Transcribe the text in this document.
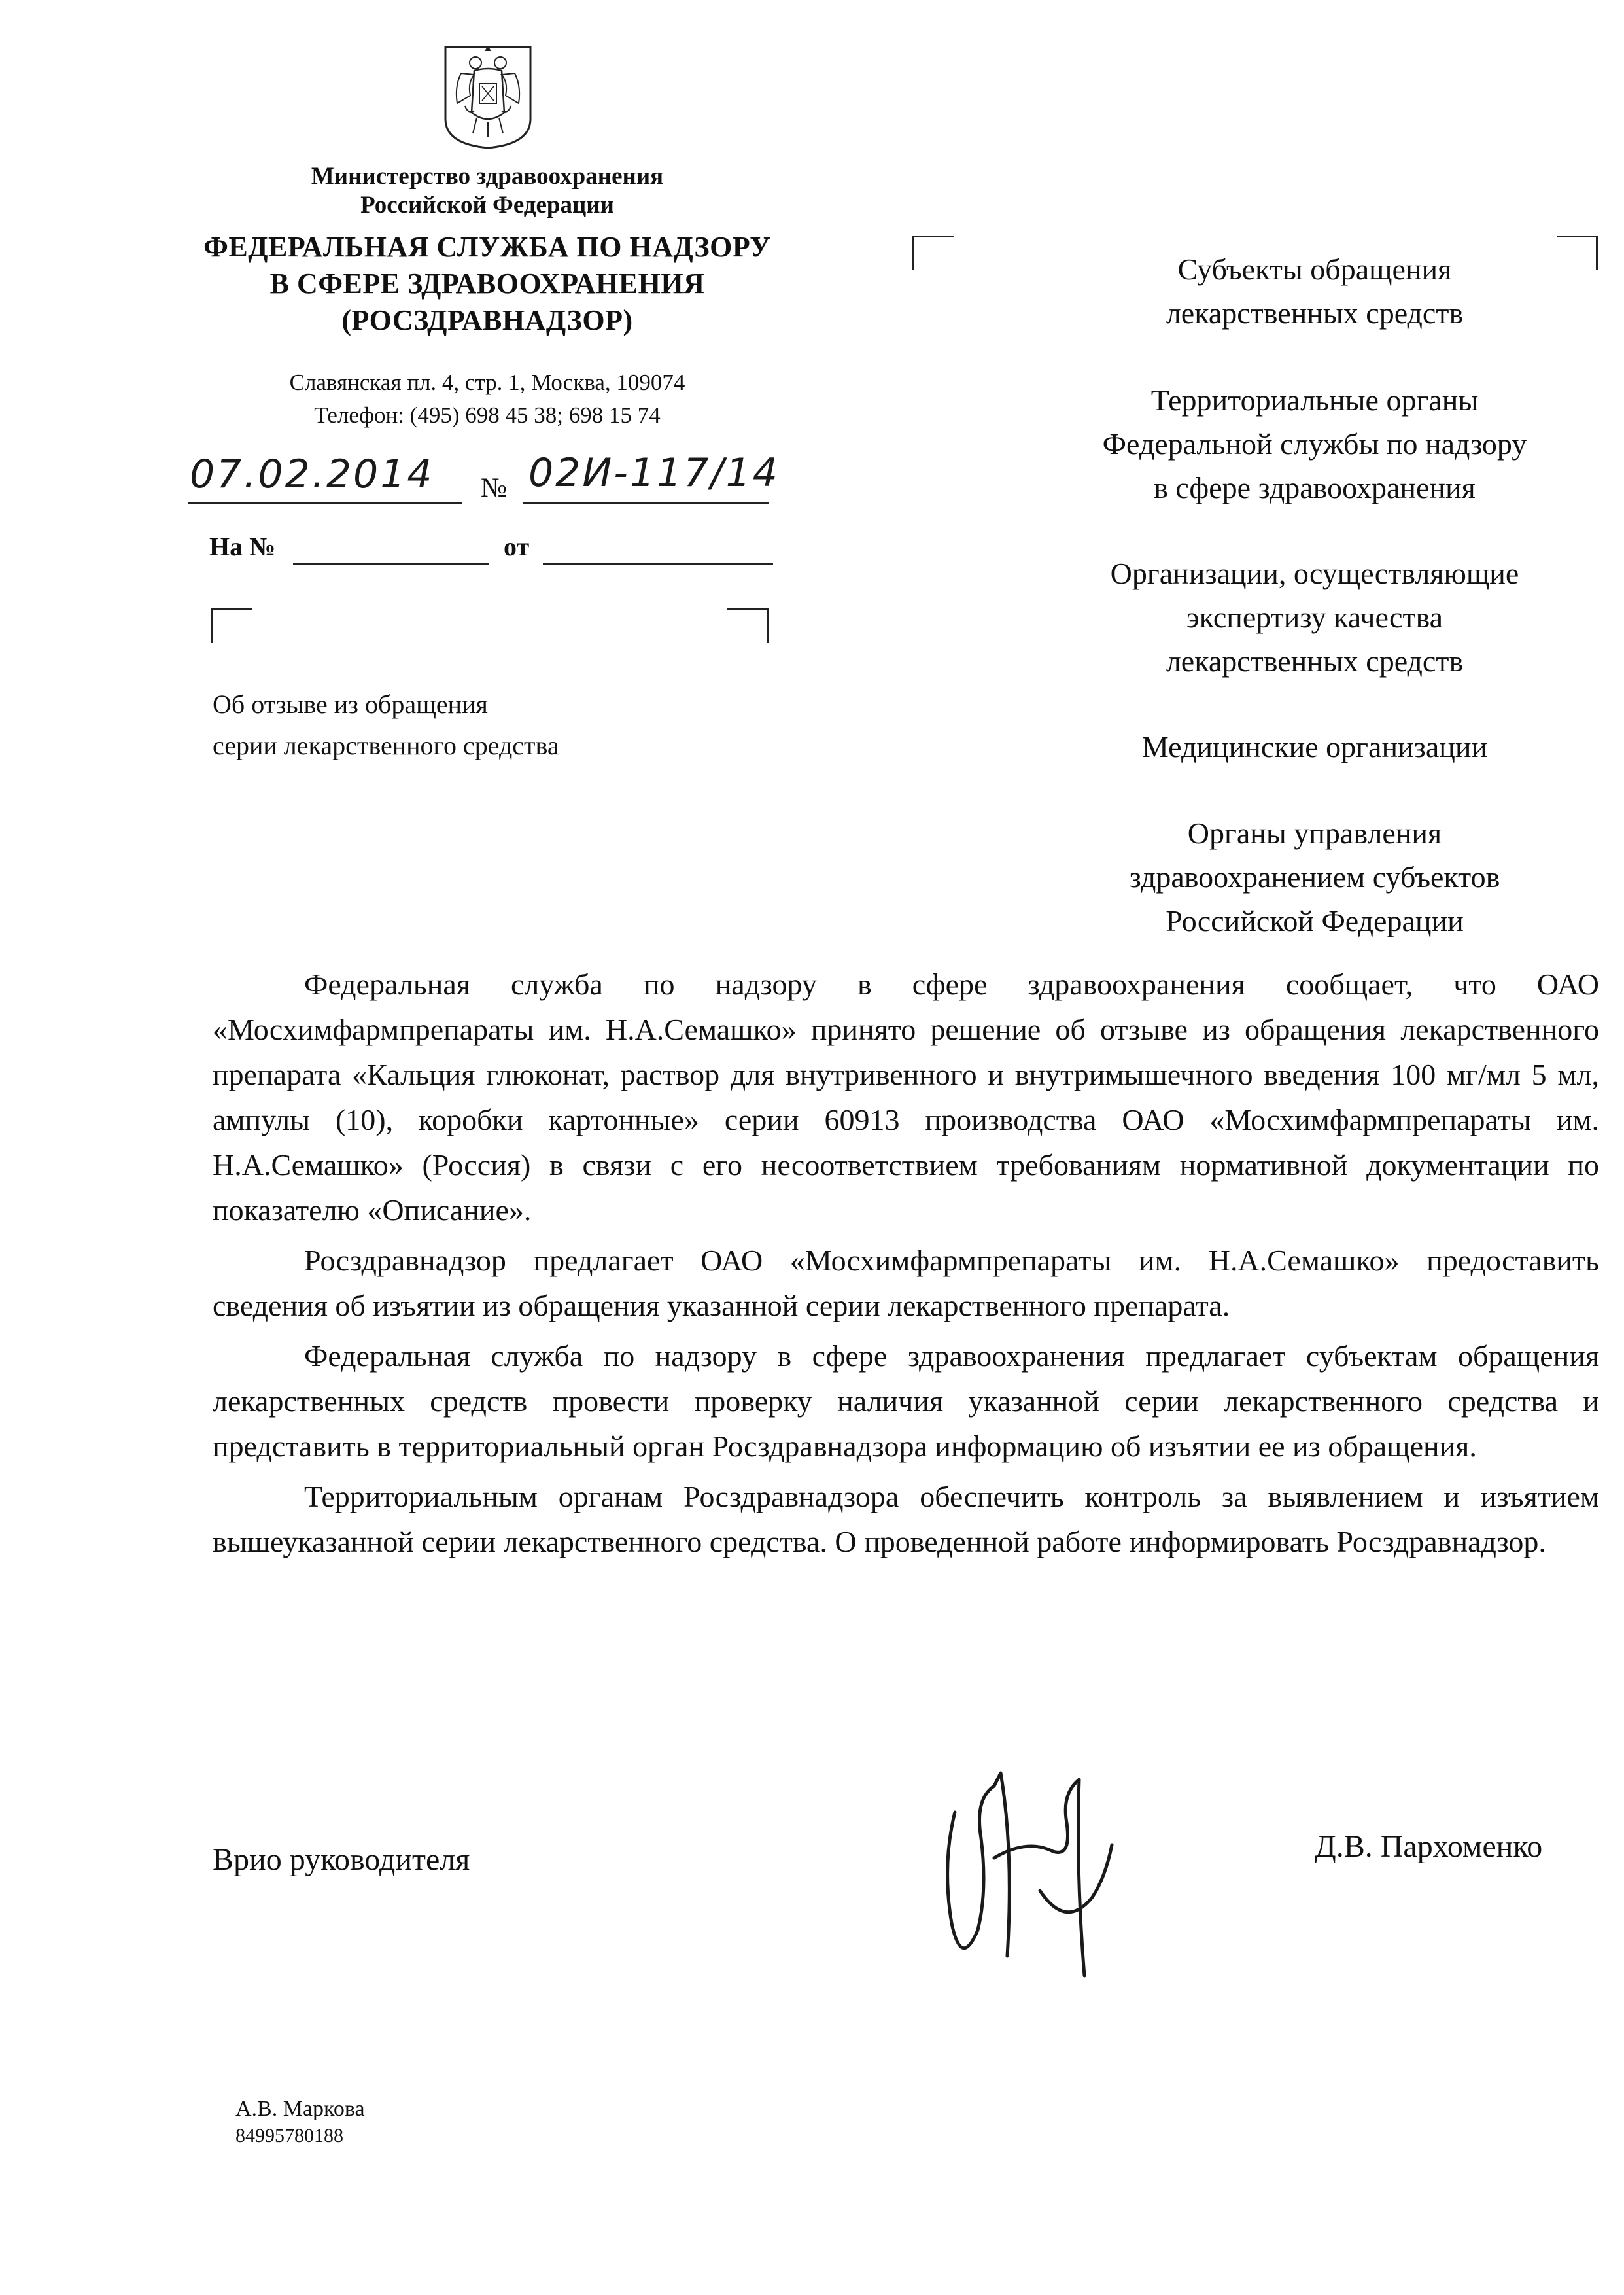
Министерство здравоохранения
Российской Федерации
ФЕДЕРАЛЬНАЯ СЛУЖБА ПО НАДЗОРУ
В СФЕРЕ ЗДРАВООХРАНЕНИЯ
(РОСЗДРАВНАДЗОР)
Славянская пл. 4, стр. 1, Москва, 109074
Телефон: (495) 698 45 38; 698 15 74
07.02.2014	№ 02И-117/14
На №	от
Об отзыве из обращения
серии лекарственного средства
Субъекты обращения
лекарственных средств
Территориальные органы
Федеральной службы по надзору
в сфере здравоохранения
Организации, осуществляющие
экспертизу качества
лекарственных средств
Медицинские организации
Органы управления
здравоохранением субъектов
Российской Федерации

Федеральная служба по надзору в сфере здравоохранения сообщает, что ОАО «Мосхимфармпрепараты им. Н.А.Семашко» принято решение об отзыве из обращения лекарственного препарата «Кальция глюконат, раствор для внутривенного и внутримышечного введения 100 мг/мл 5 мл, ампулы (10), коробки картонные» серии 60913 производства ОАО «Мосхимфармпрепараты им. Н.А.Семашко» (Россия) в связи с его несоответствием требованиям нормативной документации по показателю «Описание».

Росздравнадзор предлагает ОАО «Мосхимфармпрепараты им. Н.А.Семашко» предоставить сведения об изъятии из обращения указанной серии лекарственного препарата.

Федеральная служба по надзору в сфере здравоохранения предлагает субъектам обращения лекарственных средств провести проверку наличия указанной серии лекарственного средства и представить в территориальный орган Росздравнадзора информацию об изъятии ее из обращения.

Территориальным органам Росздравнадзора обеспечить контроль за выявлением и изъятием вышеуказанной серии лекарственного средства. О проведенной работе информировать Росздравнадзор.

Врио руководителя	Д.В. Пархоменко
А.В. Маркова
84995780188
